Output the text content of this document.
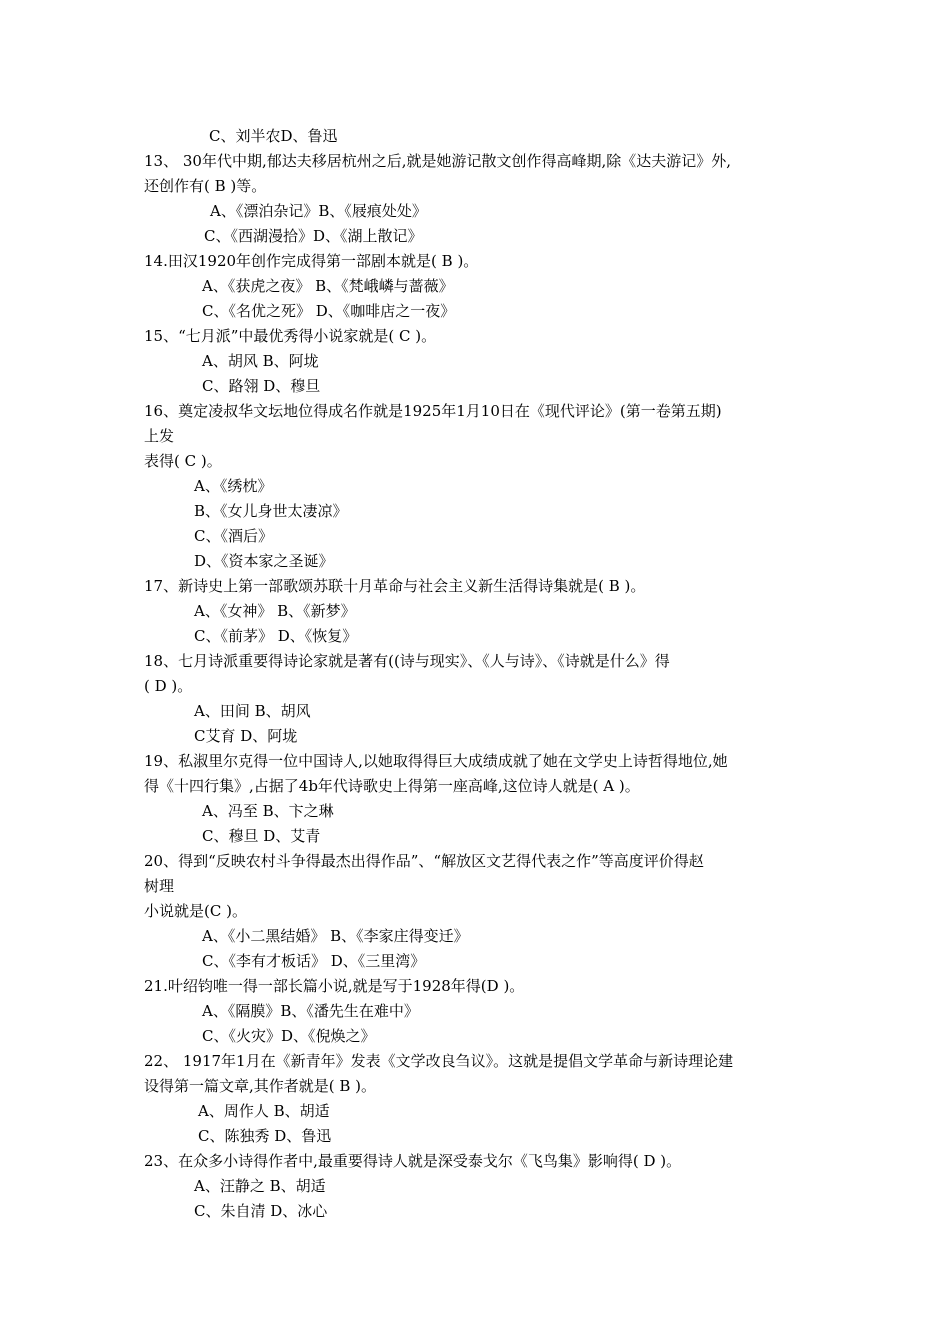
C、刘半农D、鲁迅
13、 30年代中期,郁达夫移居杭州之后,就是她游记散文创作得高峰期,除《达夫游记》外,
还创作有( B )等。
A、《漂泊杂记》B、《屐痕处处》
C、《西湖漫拾》D、《湖上散记》
14.田汉1920年创作完成得第一部剧本就是( B )。
A、《获虎之夜》 B、《梵峨嶙与蔷薇》
C、《名优之死》 D、《咖啡店之一夜》
15、“七月派”中最优秀得小说家就是( C )。
A、胡风 B、阿垅
C、路翎 D、穆旦
16、奠定凌叔华文坛地位得成名作就是1925年1月10日在《现代评论》(第一卷第五期)
上发
表得( C )。
A、《绣枕》
B、《女儿身世太凄凉》
C、《酒后》
D、《资本家之圣诞》
17、新诗史上第一部歌颂苏联十月革命与社会主义新生活得诗集就是( B )。
A、《女神》 B、《新梦》
C、《前茅》 D、《恢复》
18、七月诗派重要得诗论家就是著有((诗与现实》、《人与诗》、《诗就是什么》得
( D )。
A、田间 B、胡风
C艾育 D、阿垅
19、私淑里尔克得一位中国诗人,以她取得得巨大成绩成就了她在文学史上诗哲得地位,她
得《十四行集》,占据了4b年代诗歌史上得第一座高峰,这位诗人就是( A )。
A、冯至 B、卞之琳
C、穆旦 D、艾青
20、得到“反映农村斗争得最杰出得作品”、“解放区文艺得代表之作”等高度评价得赵
树理
小说就是(C )。
A、《小二黑结婚》 B、《李家庄得变迁》
C、《李有才板话》 D、《三里湾》
21.叶绍钧唯一得一部长篇小说,就是写于1928年得(D )。
A、《隔膜》B、《潘先生在难中》
C、《火灾》D、《倪焕之》
22、 1917年1月在《新青年》发表《文学改良刍议》。这就是提倡文学革命与新诗理论建
设得第一篇文章,其作者就是( B )。
A、周作人 B、胡适
C、陈独秀 D、鲁迅
23、在众多小诗得作者中,最重要得诗人就是深受泰戈尔《飞鸟集》影响得( D )。
A、汪静之 B、胡适
C、朱自清 D、冰心
